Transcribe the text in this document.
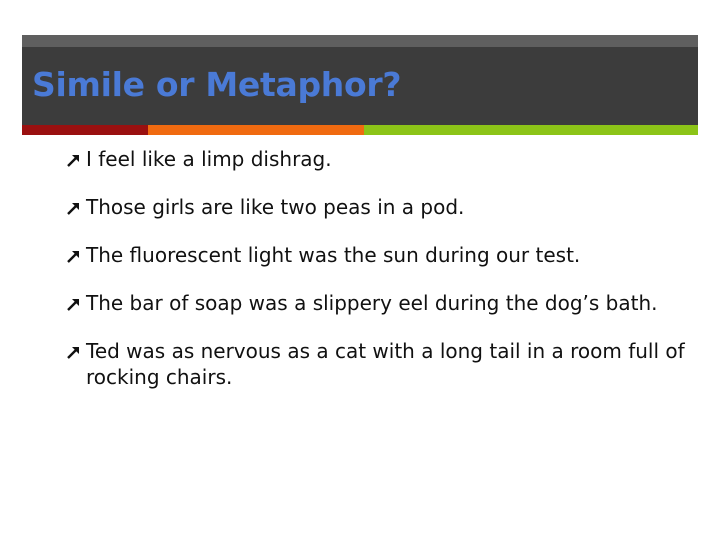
Simile or Metaphor?
I feel like a limp dishrag.
Those girls are like two peas in a pod.
The fluorescent light was the sun during our test.
The bar of soap was a slippery eel during the dog’s bath.
Ted was as nervous as a cat with a long tail in a room full of rocking chairs.
